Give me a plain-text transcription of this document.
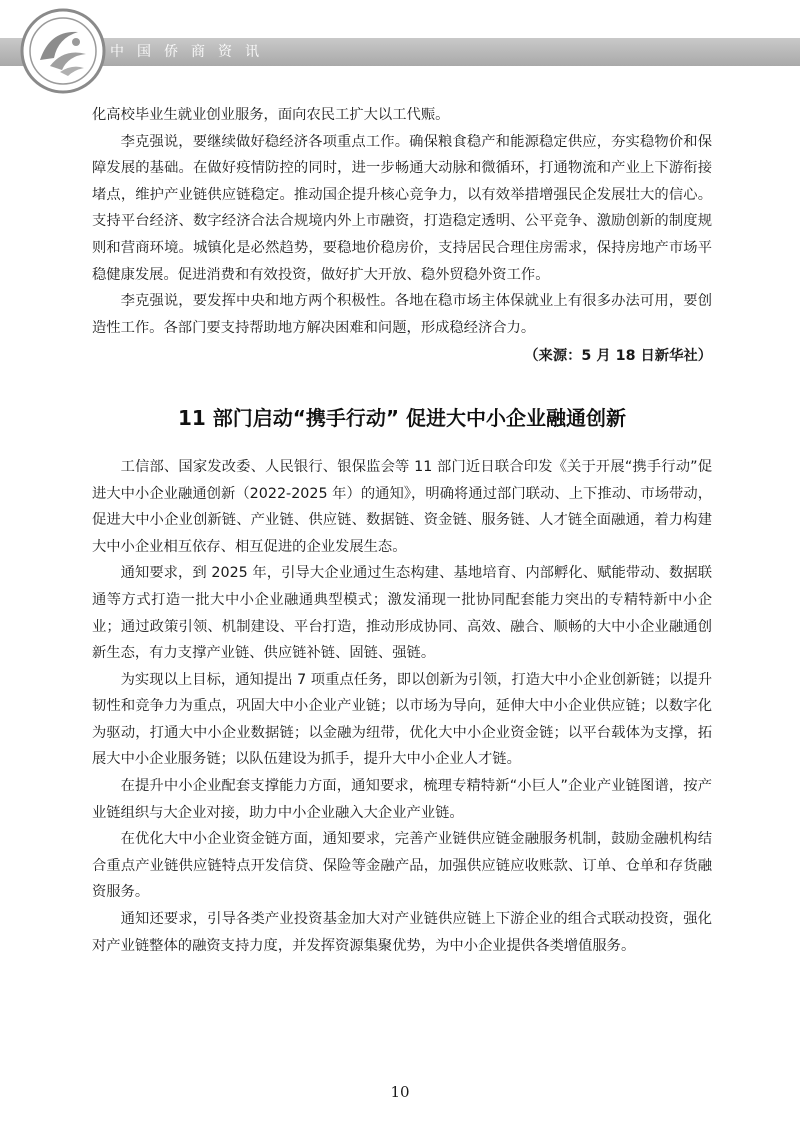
中国侨商资讯

化高校毕业生就业创业服务，面向农民工扩大以工代赈。

李克强说，要继续做好稳经济各项重点工作。确保粮食稳产和能源稳定供应，夯实稳物价和保障发展的基础。在做好疫情防控的同时，进一步畅通大动脉和微循环，打通物流和产业上下游衔接堵点，维护产业链供应链稳定。推动国企提升核心竞争力，以有效举措增强民企发展壮大的信心。支持平台经济、数字经济合法合规境内外上市融资，打造稳定透明、公平竞争、激励创新的制度规则和营商环境。城镇化是必然趋势，要稳地价稳房价，支持居民合理住房需求，保持房地产市场平稳健康发展。促进消费和有效投资，做好扩大开放、稳外贸稳外资工作。

李克强说，要发挥中央和地方两个积极性。各地在稳市场主体保就业上有很多办法可用，要创造性工作。各部门要支持帮助地方解决困难和问题，形成稳经济合力。

（来源：5 月 18 日新华社）

11 部门启动“携手行动” 促进大中小企业融通创新

工信部、国家发改委、人民银行、银保监会等 11 部门近日联合印发《关于开展“携手行动”促进大中小企业融通创新（2022-2025 年）的通知》，明确将通过部门联动、上下推动、市场带动，促进大中小企业创新链、产业链、供应链、数据链、资金链、服务链、人才链全面融通，着力构建大中小企业相互依存、相互促进的企业发展生态。

通知要求，到 2025 年，引导大企业通过生态构建、基地培育、内部孵化、赋能带动、数据联通等方式打造一批大中小企业融通典型模式；激发涌现一批协同配套能力突出的专精特新中小企业；通过政策引领、机制建设、平台打造，推动形成协同、高效、融合、顺畅的大中小企业融通创新生态，有力支撑产业链、供应链补链、固链、强链。

为实现以上目标，通知提出 7 项重点任务，即以创新为引领，打造大中小企业创新链；以提升韧性和竞争力为重点，巩固大中小企业产业链；以市场为导向，延伸大中小企业供应链；以数字化为驱动，打通大中小企业数据链；以金融为纽带，优化大中小企业资金链；以平台载体为支撑，拓展大中小企业服务链；以队伍建设为抓手，提升大中小企业人才链。

在提升中小企业配套支撑能力方面，通知要求，梳理专精特新“小巨人”企业产业链图谱，按产业链组织与大企业对接，助力中小企业融入大企业产业链。

在优化大中小企业资金链方面，通知要求，完善产业链供应链金融服务机制，鼓励金融机构结合重点产业链供应链特点开发信贷、保险等金融产品，加强供应链应收账款、订单、仓单和存货融资服务。

通知还要求，引导各类产业投资基金加大对产业链供应链上下游企业的组合式联动投资，强化对产业链整体的融资支持力度，并发挥资源集聚优势，为中小企业提供各类增值服务。

10
